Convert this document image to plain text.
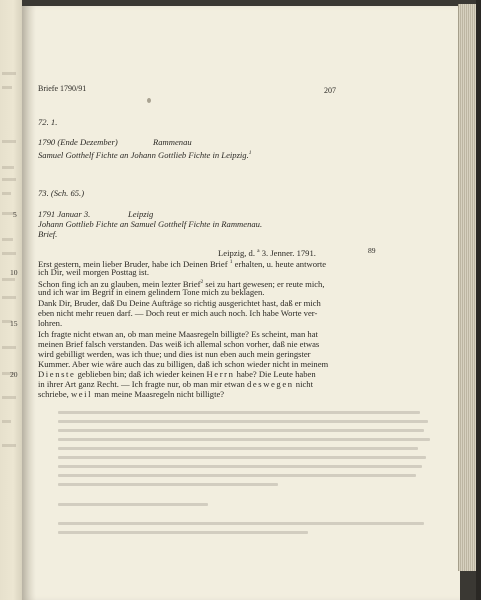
Briefe 1790/91	207
72. 1.
1790 (Ende Dezember)	Rammenau
Samuel Gotthelf Fichte an Johann Gottlieb Fichte in Leipzig.$^1$
73. (Sch. 65.)
5 1791 Januar 3.	Leipzig
Johann Gottlieb Fichte an Samuel Gotthelf Fichte in Rammenau.
Brief.
Leipzig, d. $^a$ 3. Jenner. 1791.	89
Erst gestern, mein lieber Bruder, habe ich Deinen Brief $^1$ erhalten, u. heute antworte
10 ich Dir, weil morgen Posttag ist.
Schon fing ich an zu glauben, mein lezter Brief$^2$ sei zu hart gewesen; er reute mich,
und ich war im Begrif in einem gelindern Tone mich zu beklagen.
Dank Dir, Bruder, daß Du Deine Aufträge so richtig ausgerichtet hast, daß er mich
eben nicht mehr reuen darf. — Doch reut er mich auch noch. Ich habe Worte ver-
15 lohren.
Ich fragte nicht etwan an, ob man meine Maasregeln billigte? Es scheint, man hat
meinen Brief falsch verstanden. Das weiß ich allemal schon vorher, daß nie etwas
wird gebilligt werden, was ich thue; und dies ist nun eben auch mein geringster
Kummer. Aber wie wäre auch das zu billigen, daß ich schon wieder nicht in meinem
20 Dienste geblieben bin; daß ich wieder keinen Herrn habe? Die Leute haben
in ihrer Art ganz Recht. — Ich fragte nur, ob man mir etwan deswegen nicht
schriebe, weil man meine Maasregeln nicht billigte?
